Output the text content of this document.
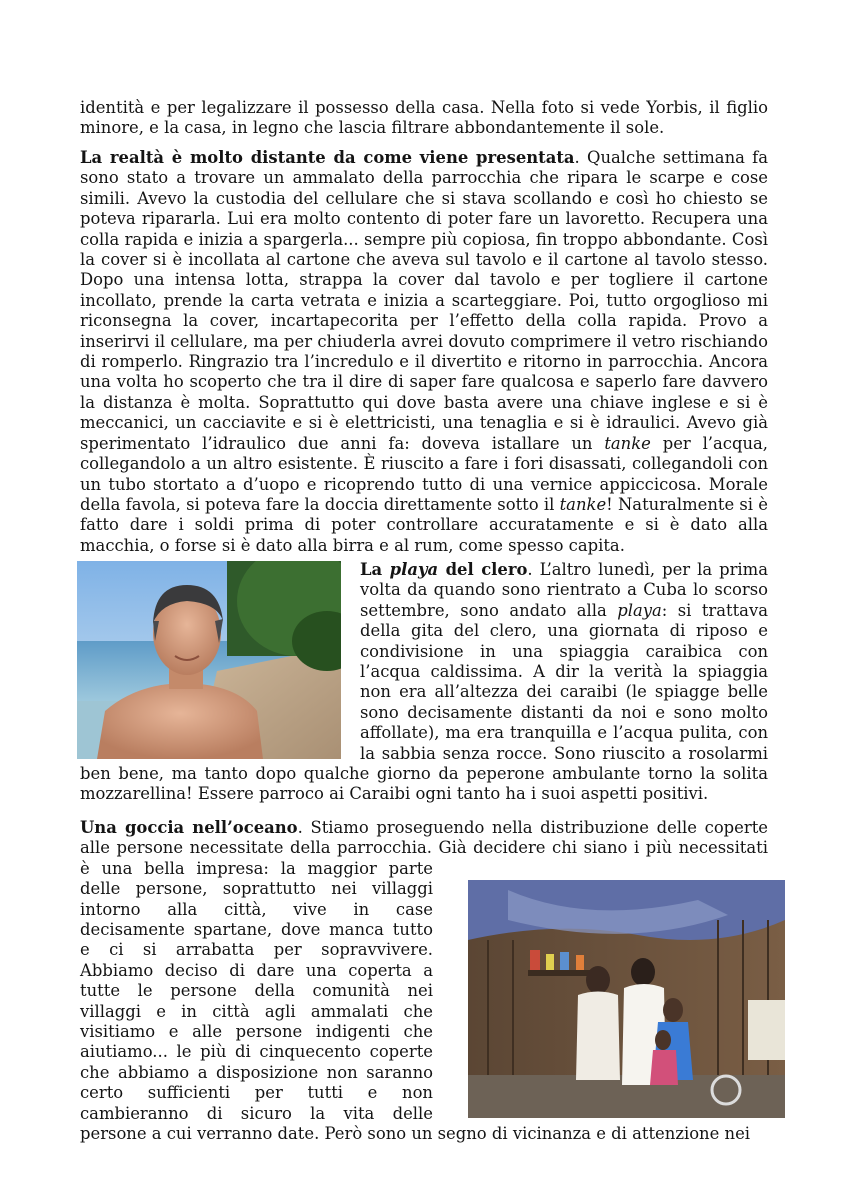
identità e per legalizzare il possesso della casa. Nella foto si vede Yorbis, il figlio minore, e la casa, in legno che lascia filtrare abbondantemente il sole.

La realtà è molto distante da come viene presentata. Qualche settimana fa sono stato a trovare un ammalato della parrocchia che ripara le scarpe e cose simili. Avevo la custodia del cellulare che si stava scollando e così ho chiesto se poteva ripararla. Lui era molto contento di poter fare un lavoretto. Recupera una colla rapida e inizia a spargerla... sempre più copiosa, fin troppo abbondante. Così la cover si è incollata al cartone che aveva sul tavolo e il cartone al tavolo stesso. Dopo una intensa lotta, strappa la cover dal tavolo e per togliere il cartone incollato, prende la carta vetrata e inizia a scarteggiare. Poi, tutto orgoglioso mi riconsegna la cover, incartapecorita per l’effetto della colla rapida. Provo a inserirvi il cellulare, ma per chiuderla avrei dovuto comprimere il vetro rischiando di romperlo. Ringrazio tra l’incredulo e il divertito e ritorno in parrocchia. Ancora una volta ho scoperto che tra il dire di saper fare qualcosa e saperlo fare davvero la distanza è molta. Soprattutto qui dove basta avere una chiave inglese e si è meccanici, un cacciavite e si è elettricisti, una tenaglia e si è idraulici. Avevo già sperimentato l’idraulico due anni fa: doveva istallare un tanke per l’acqua, collegandolo a un altro esistente. È riuscito a fare i fori disassati, collegandoli con un tubo stortato a d’uopo e ricoprendo tutto di una vernice appiccicosa. Morale della favola, si poteva fare la doccia direttamente sotto il tanke! Naturalmente si è fatto dare i soldi prima di poter controllare accuratamente e si è dato alla macchia, o forse si è dato alla birra e al rum, come spesso capita.

La playa del clero. L’altro lunedì, per la prima volta da quando sono rientrato a Cuba lo scorso settembre, sono andato alla playa: si trattava della gita del clero, una giornata di riposo e condivisione in una spiaggia caraibica con l’acqua caldissima. A dir la verità la spiaggia non era all’altezza dei caraibi (le spiagge belle sono decisamente distanti da noi e sono molto affollate), ma era tranquilla e l’acqua pulita, con la sabbia senza rocce. Sono riuscito a rosolarmi ben bene, ma tanto dopo qualche giorno da peperone ambulante torno la solita mozzarellina! Essere parroco ai Caraibi ogni tanto ha i suoi aspetti positivi.

Una goccia nell’oceano. Stiamo proseguendo nella distribuzione delle coperte alle persone necessitate della parrocchia. Già decidere chi siano i più necessitati è una bella impresa: la maggior parte delle persone, soprattutto nei villaggi intorno alla città, vive in case decisamente spartane, dove manca tutto e ci si arrabatta per sopravvivere. Abbiamo deciso di dare una coperta a tutte le persone della comunità nei villaggi e in città agli ammalati che visitiamo e alle persone indigenti che aiutiamo... le più di cinquecento coperte che abbiamo a disposizione non saranno certo sufficienti per tutti e non cambieranno di sicuro la vita delle persone a cui verranno date. Però sono un segno di vicinanza e di attenzione nei
